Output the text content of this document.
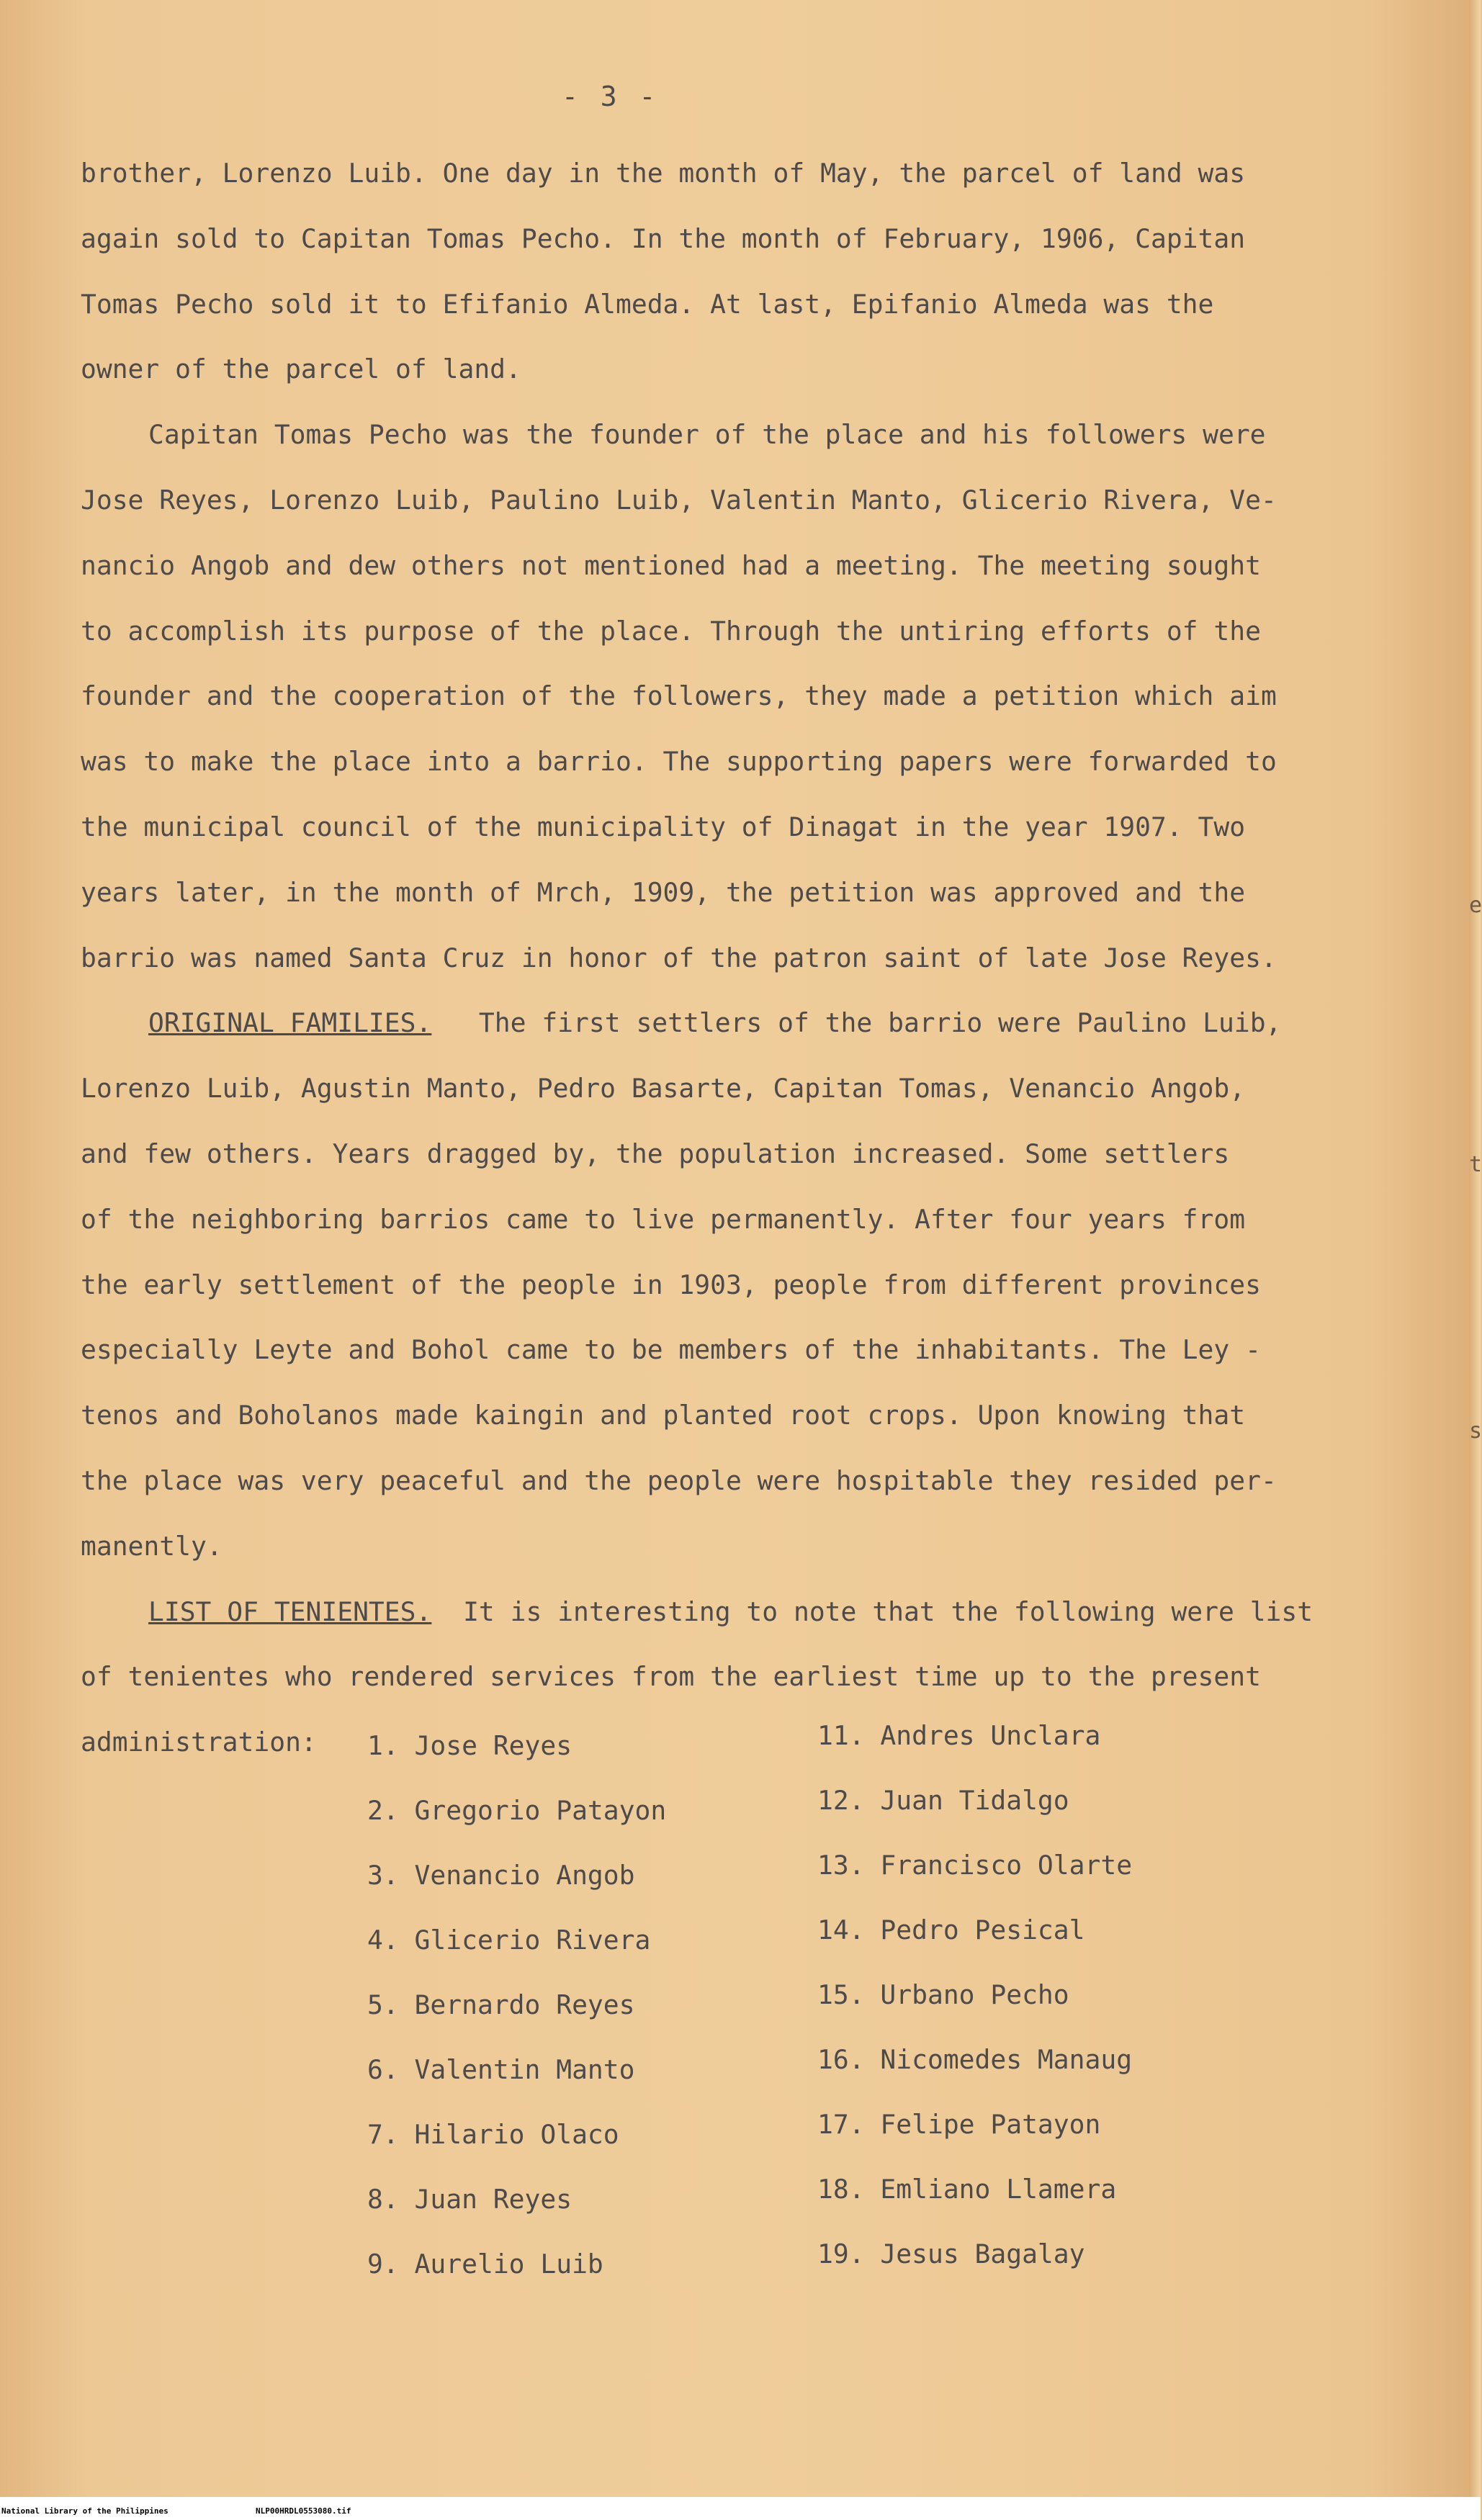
- 3 -
brother, Lorenzo Luib. One day in the month of May, the parcel of land was
again sold to Capitan Tomas Pecho. In the month of February, 1906, Capitan
Tomas Pecho sold it to Efifanio Almeda. At last, Epifanio Almeda was the
owner of the parcel of land.
Capitan Tomas Pecho was the founder of the place and his followers were
Jose Reyes, Lorenzo Luib, Paulino Luib, Valentin Manto, Glicerio Rivera, Ve-
nancio Angob and dew others not mentioned had a meeting. The meeting sought
to accomplish its purpose of the place. Through the untiring efforts of the
founder and the cooperation of the followers, they made a petition which aim
was to make the place into a barrio. The supporting papers were forwarded to
the municipal council of the municipality of Dinagat in the year 1907. Two
years later, in the month of Mrch, 1909, the petition was approved and the
barrio was named Santa Cruz in honor of the patron saint of late Jose Reyes.
ORIGINAL FAMILIES. The first settlers of the barrio were Paulino Luib,
Lorenzo Luib, Agustin Manto, Pedro Basarte, Capitan Tomas, Venancio Angob,
and few others. Years dragged by, the population increased. Some settlers
of the neighboring barrios came to live permanently. After four years from
the early settlement of the people in 1903, people from different provinces
especially Leyte and Bohol came to be members of the inhabitants. The Ley -
tenos and Boholanos made kaingin and planted root crops. Upon knowing that
the place was very peaceful and the people were hospitable they resided per-
manently.
LIST OF TENIENTES. It is interesting to note that the following were list
of tenientes who rendered services from the earliest time up to the present
administration:	1. Jose Reyes
2. Gregorio Patayon
3. Venancio Angob
4. Glicerio Rivera
5. Bernardo Reyes
6. Valentin Manto
7. Hilario Olaco
8. Juan Reyes
9. Aurelio Luib
11. Andres Unclara
12. Juan Tidalgo
13. Francisco Olarte
14. Pedro Pesical
15. Urbano Pecho
16. Nicomedes Manaug
17. Felipe Patayon
18. Emliano Llamera
19. Jesus Bagalay
e
t
s
National Library of the Philippines	NLP00HRDL0553080.tif
